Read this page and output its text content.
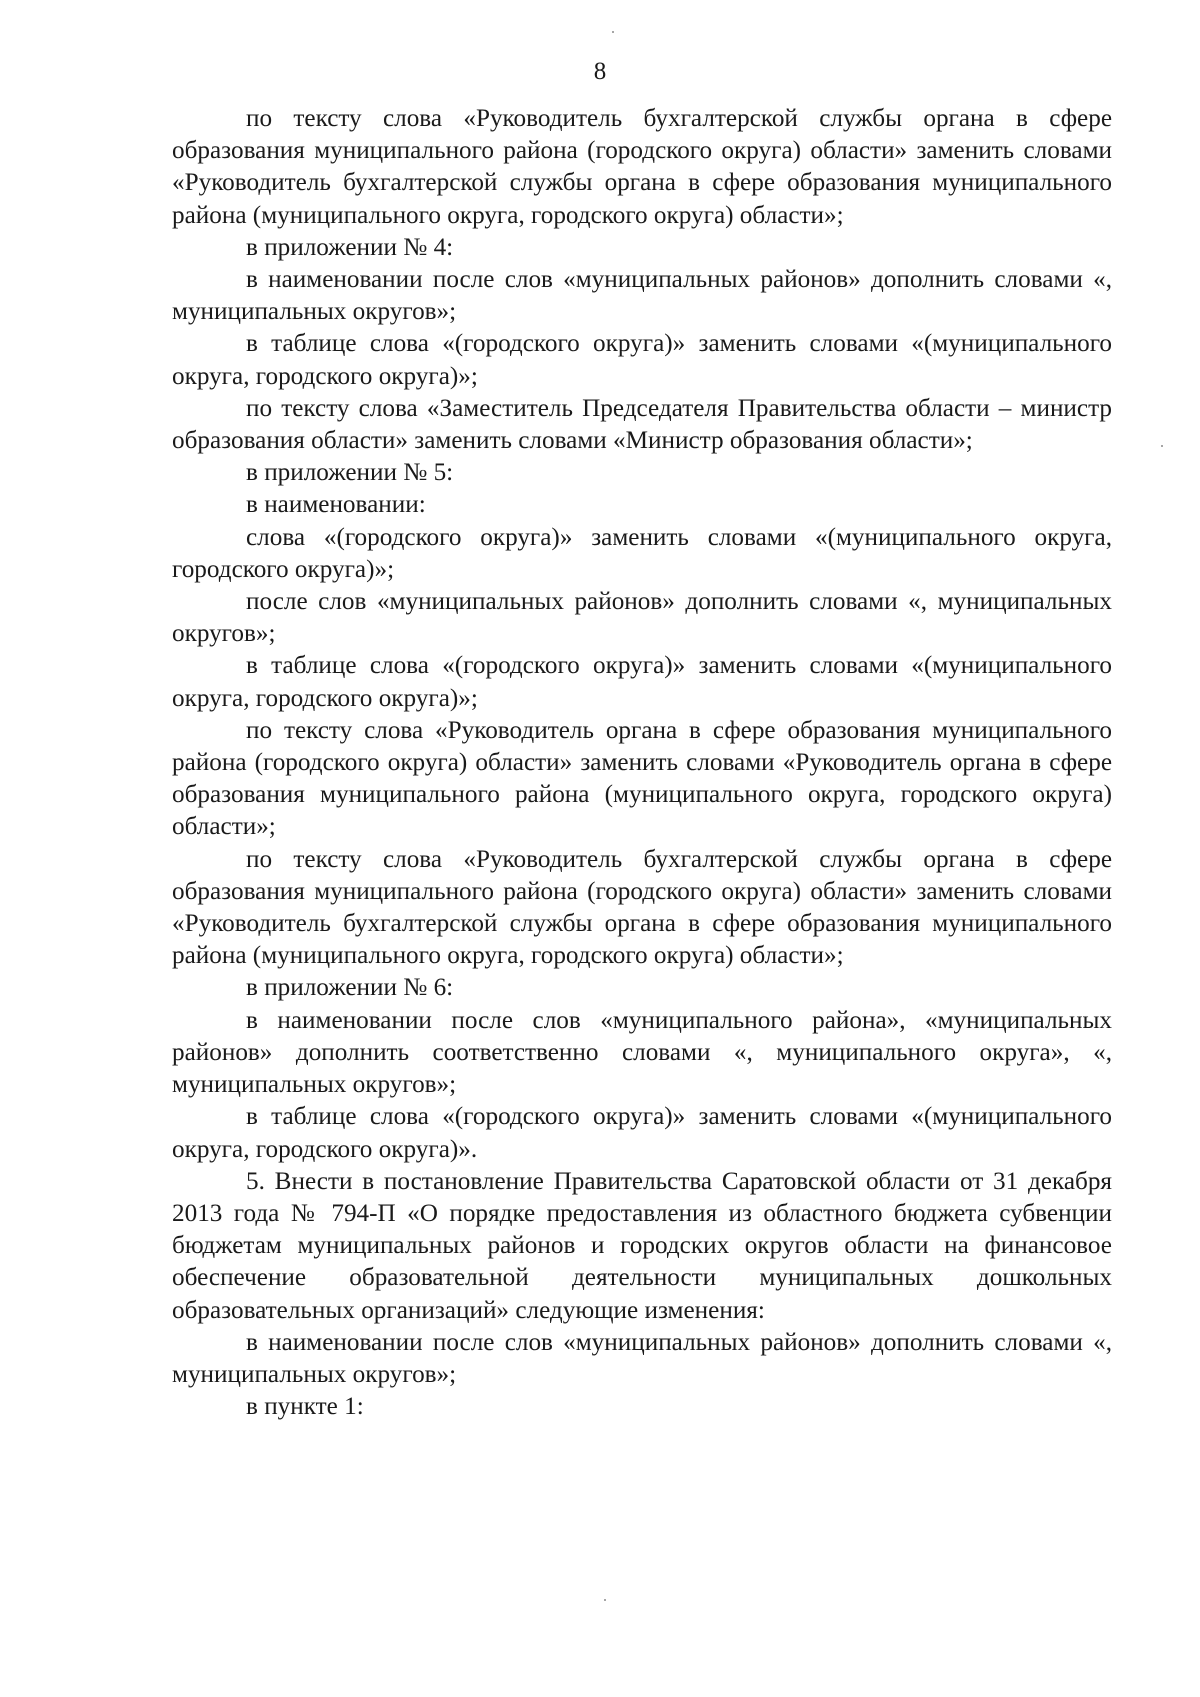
8

по тексту слова «Руководитель бухгалтерской службы органа в сфере образования муниципального района (городского округа) области» заменить словами «Руководитель бухгалтерской службы органа в сфере образования муниципального района (муниципального округа, городского округа) области»;

в приложении № 4:

в наименовании после слов «муниципальных районов» дополнить словами «, муниципальных округов»;

в таблице слова «(городского округа)» заменить словами «(муниципального округа, городского округа)»;

по тексту слова «Заместитель Председателя Правительства области – министр образования области» заменить словами «Министр образования области»;

в приложении № 5:

в наименовании:

слова «(городского округа)» заменить словами «(муниципального округа, городского округа)»;

после слов «муниципальных районов» дополнить словами «, муниципальных округов»;

в таблице слова «(городского округа)» заменить словами «(муниципального округа, городского округа)»;

по тексту слова «Руководитель органа в сфере образования муниципального района (городского округа) области» заменить словами «Руководитель органа в сфере образования муниципального района (муниципального округа, городского округа) области»;

по тексту слова «Руководитель бухгалтерской службы органа в сфере образования муниципального района (городского округа) области» заменить словами «Руководитель бухгалтерской службы органа в сфере образования муниципального района (муниципального округа, городского округа) области»;

в приложении № 6:

в наименовании после слов «муниципального района», «муниципальных районов» дополнить соответственно словами «, муниципального округа», «, муниципальных округов»;

в таблице слова «(городского округа)» заменить словами «(муниципального округа, городского округа)».

5. Внести в постановление Правительства Саратовской области от 31 декабря 2013 года № 794-П «О порядке предоставления из областного бюджета субвенции бюджетам муниципальных районов и городских округов области на финансовое обеспечение образовательной деятельности муниципальных дошкольных образовательных организаций» следующие изменения:

в наименовании после слов «муниципальных районов» дополнить словами «, муниципальных округов»;

в пункте 1:
